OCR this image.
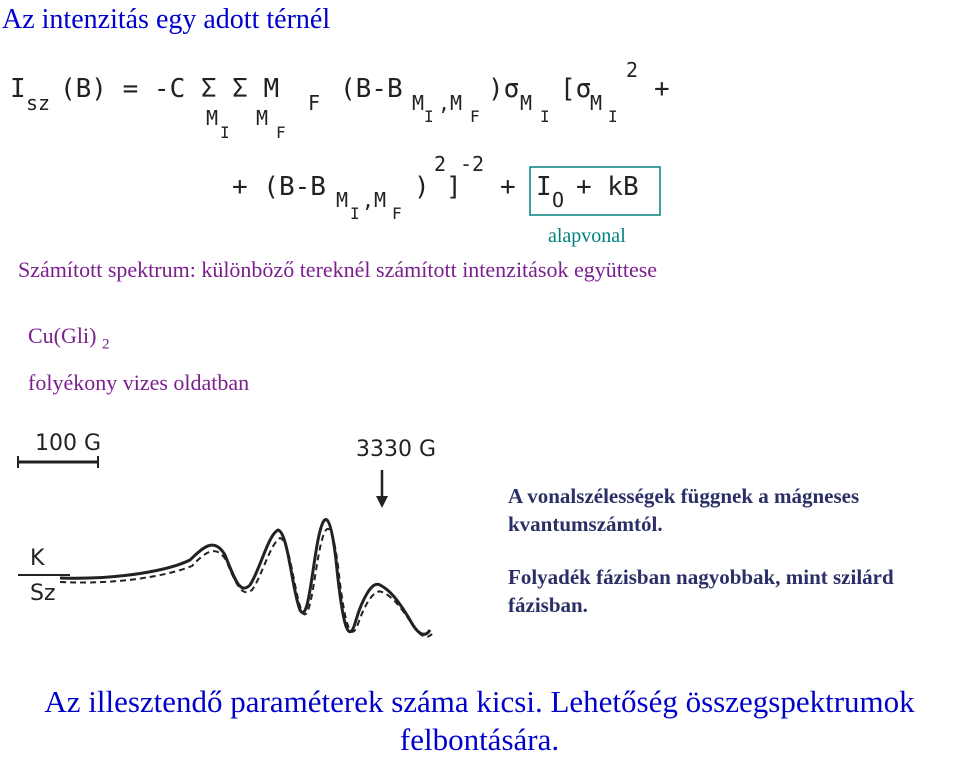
Az intenzitás egy adott térnél
I sz (B) = -C Σ Σ M F (B-B M
I
, M
F
)σ M
I
[σ
M
I
2
+
M
I
M
F
+ (B-B M
I
, M
F
)
2
]
-2
+ I O + kB
alapvonal
Számított spektrum: különböző tereknél számított intenzitások együttese
Cu(Gli) $_2$
folyékony vizes oldatban
100 G	3330 G
K
Sz
A vonalszélességek függnek a mágneses kvantumszámtól.
Folyadék fázisban nagyobbak, mint szilárd fázisban.
Az illesztendő paraméterek száma kicsi. Lehetőség összegspektrumok felbontására.
